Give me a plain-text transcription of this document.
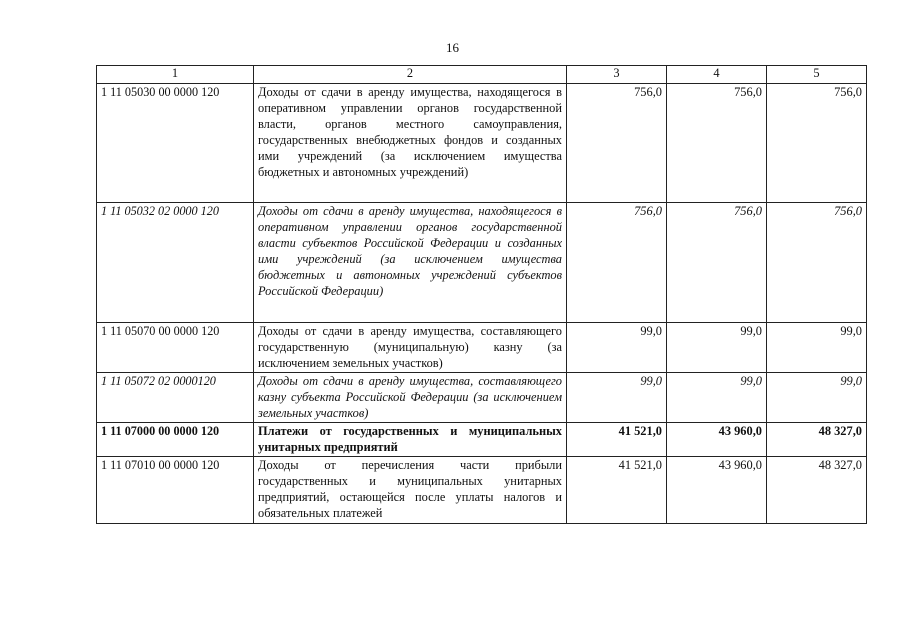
16
1	2	3	4	5
1 11 05030 00 0000 120	Доходы от сдачи в аренду имущества, находящегося в оперативном управлении органов государственной власти, органов местного самоуправления, государственных внебюджетных фондов и созданных ими учреждений (за исключением имущества бюджетных и автономных учреждений)	756,0	756,0	756,0
1 11 05032 02 0000 120	Доходы от сдачи в аренду имущества, находящегося в оперативном управлении органов государственной власти субъектов Российской Федерации и созданных ими учреждений (за исключением имущества бюджетных и автономных учреждений субъектов Российской Федерации)	756,0	756,0	756,0
1 11 05070 00 0000 120	Доходы от сдачи в аренду имущества, составляющего государственную (муниципальную) казну (за исключением земельных участков)	99,0	99,0	99,0
1 11 05072 02 0000120	Доходы от сдачи в аренду имущества, составляющего казну субъекта Российской Федерации (за исключением земельных участков)	99,0	99,0	99,0
1 11 07000 00 0000 120	Платежи от государственных и муниципальных унитарных предприятий	41 521,0	43 960,0	48 327,0
1 11 07010 00 0000 120	Доходы от перечисления части прибыли государственных и муниципальных унитарных предприятий, остающейся после уплаты налогов и обязательных платежей	41 521,0	43 960,0	48 327,0
